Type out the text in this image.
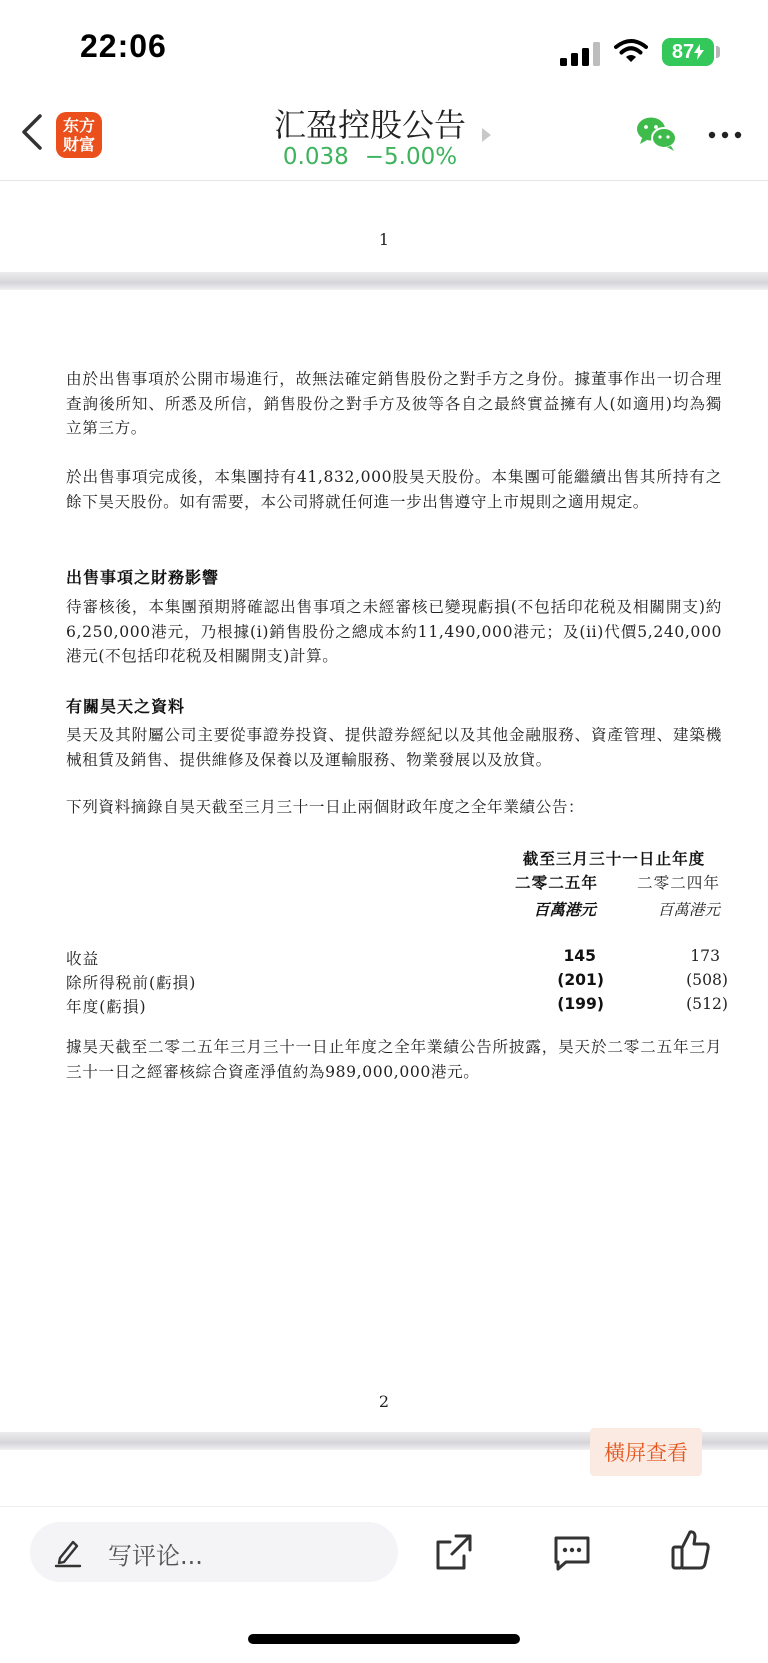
22:06	87
东方
财富
汇盈控股公告
0.038 −5.00%
1
由於出售事項於公開市場進行，故無法確定銷售股份之對手方之身份。據董事作出一切合理查詢後所知、所悉及所信，銷售股份之對手方及彼等各自之最終實益擁有人(如適用)均為獨立第三方。
於出售事項完成後，本集團持有41,832,000股昊天股份。本集團可能繼續出售其所持有之餘下昊天股份。如有需要，本公司將就任何進一步出售遵守上市規則之適用規定。
出售事項之財務影響
待審核後，本集團預期將確認出售事項之未經審核已變現虧損(不包括印花税及相關開支)約6,250,000港元，乃根據(i)銷售股份之總成本約11,490,000港元；及(ii)代價5,240,000港元(不包括印花税及相關開支)計算。
有關昊天之資料
昊天及其附屬公司主要從事證券投資、提供證券經紀以及其他金融服務、資產管理、建築機械租賃及銷售、提供維修及保養以及運輸服務、物業發展以及放貸。
下列資料摘錄自昊天截至三月三十一日止兩個財政年度之全年業績公告：
截至三月三十一日止年度
二零二五年	二零二四年
百萬港元	百萬港元
收益	145	173
除所得税前(虧損)	(201)	(508)
年度(虧損)	(199)	(512)
據昊天截至二零二五年三月三十一日止年度之全年業績公告所披露，昊天於二零二五年三月三十一日之經審核綜合資產淨值約為989,000,000港元。
2
橫屏查看
写评论...
